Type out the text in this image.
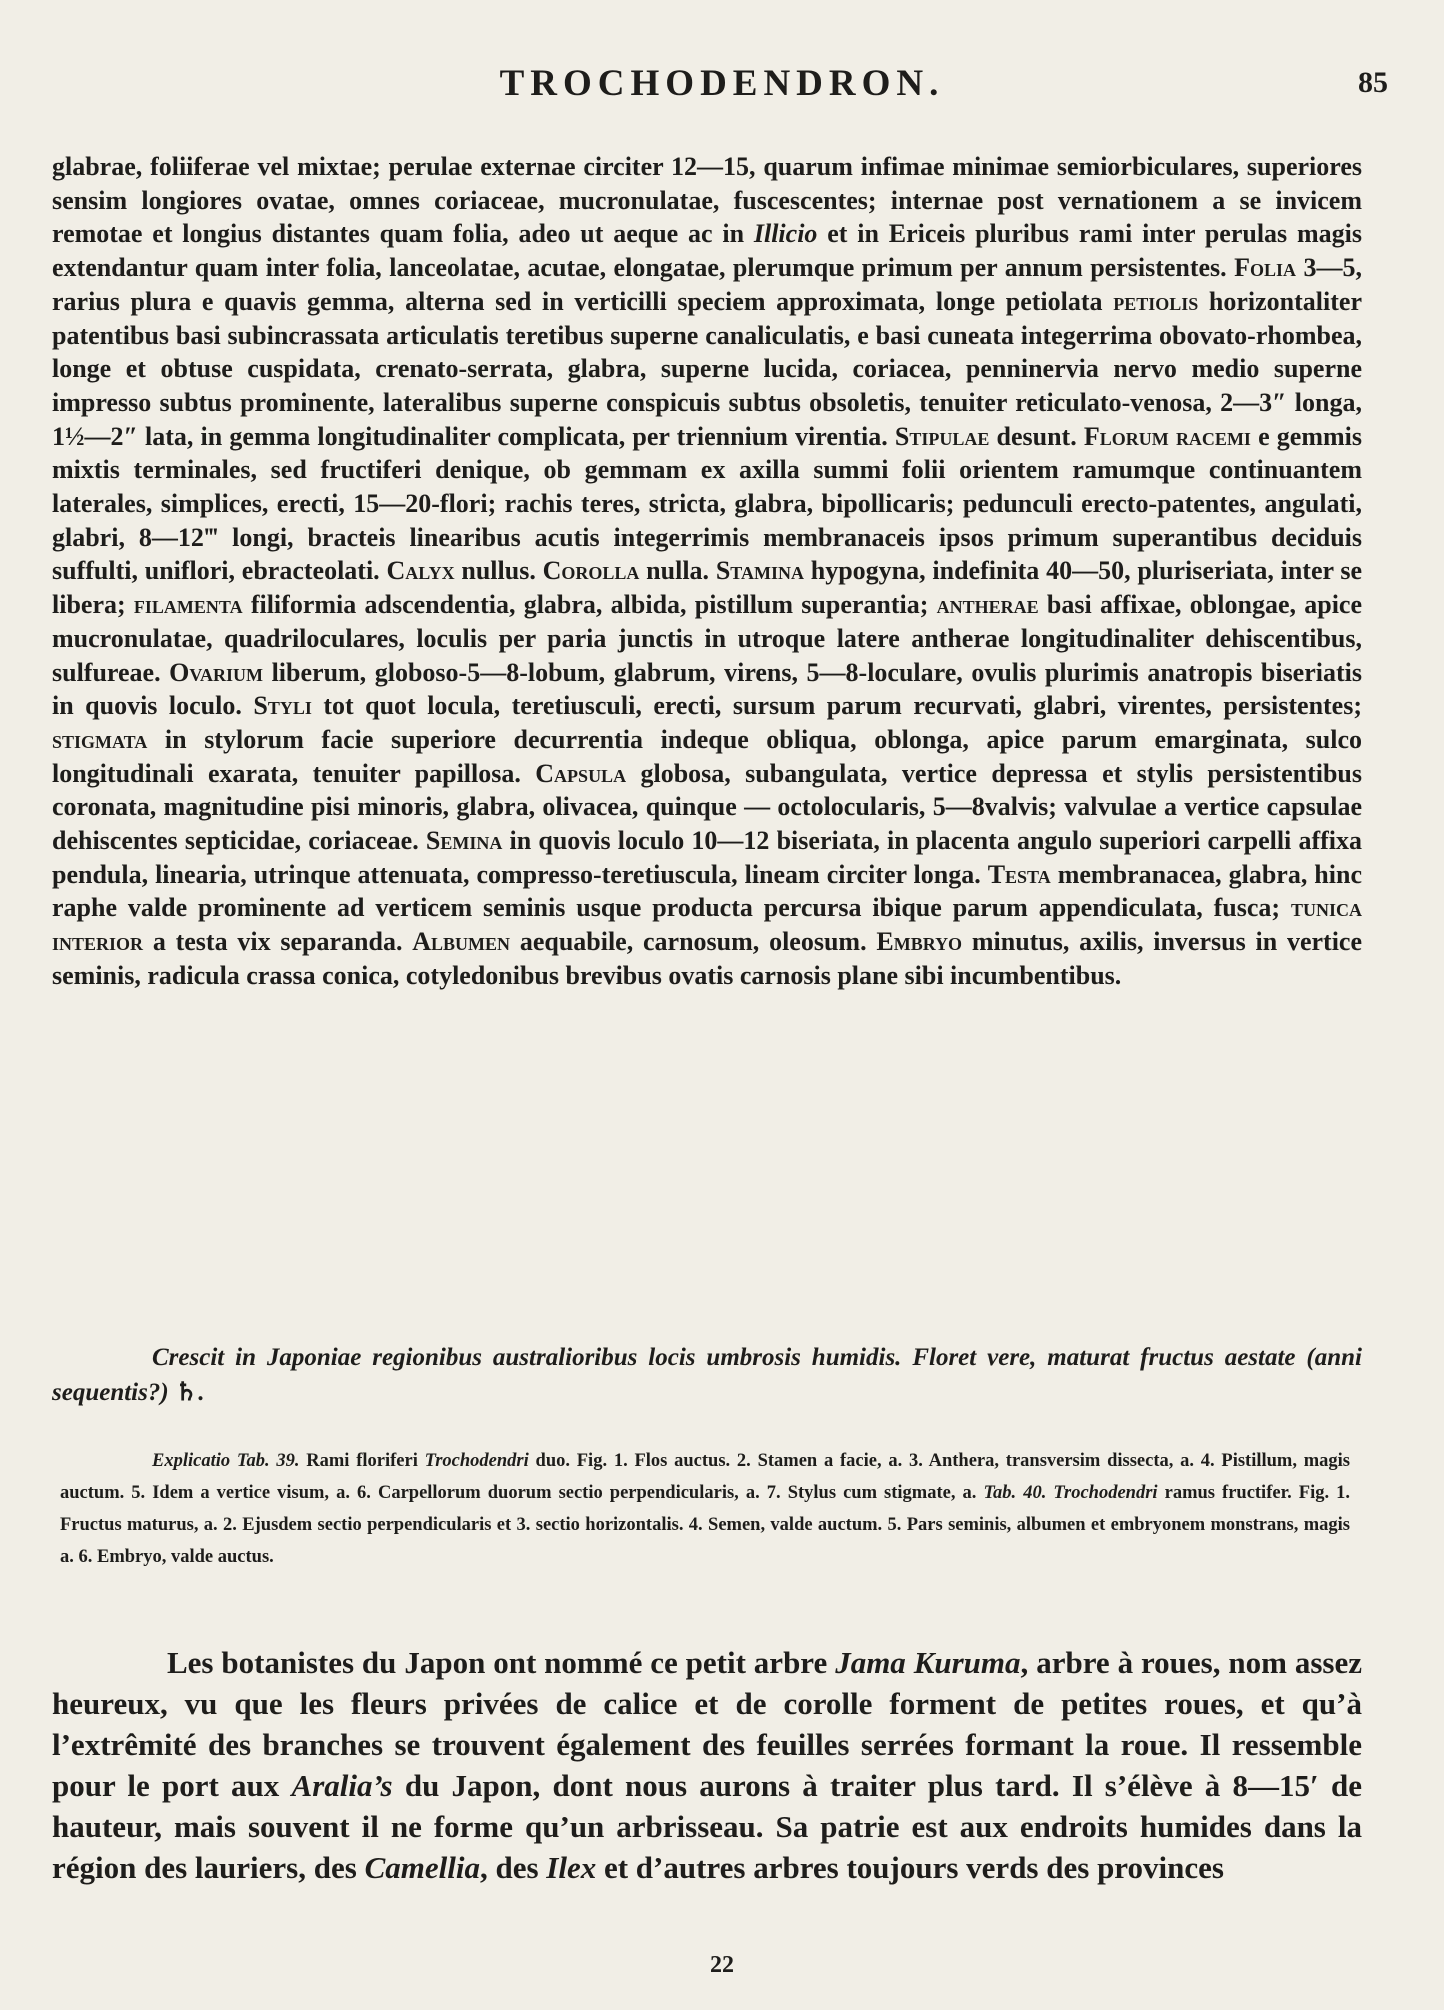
TROCHODENDRON.	85

glabrae, foliiferae vel mixtae; perulae externae circiter 12—15, quarum infimae minimae semiorbiculares, superiores sensim longiores ovatae, omnes coriaceae, mucronulatae, fuscescentes; internae post vernationem a se invicem remotae et longius distantes quam folia, adeo ut aeque ac in Illicio et in Ericeis pluribus rami inter perulas magis extendantur quam inter folia, lanceolatae, acutae, elongatae, plerumque primum per annum persistentes. Folia 3—5, rarius plura e quavis gemma, alterna sed in verticilli speciem approximata, longe petiolata petiolis horizontaliter patentibus basi subincrassata articulatis teretibus superne canaliculatis, e basi cuneata integerrima obovato-rhombea, longe et obtuse cuspidata, crenato-serrata, glabra, superne lucida, coriacea, penninervia nervo medio superne impresso subtus prominente, lateralibus superne conspicuis subtus obsoletis, tenuiter reticulato-venosa, 2—3″ longa, 1½—2″ lata, in gemma longitudinaliter complicata, per triennium virentia. Stipulae desunt. Florum racemi e gemmis mixtis terminales, sed fructiferi denique, ob gemmam ex axilla summi folii orientem ramumque continuantem laterales, simplices, erecti, 15—20-flori; rachis teres, stricta, glabra, bipollicaris; pedunculi erecto-patentes, angulati, glabri, 8—12‴ longi, bracteis linearibus acutis integerrimis membranaceis ipsos primum superantibus deciduis suffulti, uniflori, ebracteolati. Calyx nullus. Corolla nulla. Stamina hypogyna, indefinita 40—50, pluriseriata, inter se libera; filamenta filiformia adscendentia, glabra, albida, pistillum superantia; antherae basi affixae, oblongae, apice mucronulatae, quadriloculares, loculis per paria junctis in utroque latere antherae longitudinaliter dehiscentibus, sulfureae. Ovarium liberum, globoso-5—8-lobum, glabrum, virens, 5—8-loculare, ovulis plurimis anatropis biseriatis in quovis loculo. Styli tot quot locula, teretiusculi, erecti, sursum parum recurvati, glabri, virentes, persistentes; stigmata in stylorum facie superiore decurrentia indeque obliqua, oblonga, apice parum emarginata, sulco longitudinali exarata, tenuiter papillosa. Capsula globosa, subangulata, vertice depressa et stylis persistentibus coronata, magnitudine pisi minoris, glabra, olivacea, quinque — octolocularis, 5—8valvis; valvulae a vertice capsulae dehiscentes septicidae, coriaceae. Semina in quovis loculo 10—12 biseriata, in placenta angulo superiori carpelli affixa pendula, linearia, utrinque attenuata, compresso-teretiuscula, lineam circiter longa. Testa membranacea, glabra, hinc raphe valde prominente ad verticem seminis usque producta percursa ibique parum appendiculata, fusca; tunica interior a testa vix separanda. Albumen aequabile, carnosum, oleosum. Embryo minutus, axilis, inversus in vertice seminis, radicula crassa conica, cotyledonibus brevibus ovatis carnosis plane sibi incumbentibus.

Crescit in Japoniae regionibus australioribus locis umbrosis humidis. Floret vere, maturat fructus aestate (anni sequentis?) ♄.

Explicatio Tab. 39. Rami floriferi Trochodendri duo. Fig. 1. Flos auctus. 2. Stamen a facie, a. 3. Anthera, transversim dissecta, a. 4. Pistillum, magis auctum. 5. Idem a vertice visum, a. 6. Carpellorum duorum sectio perpendicularis, a. 7. Stylus cum stigmate, a. Tab. 40. Trochodendri ramus fructifer. Fig. 1. Fructus maturus, a. 2. Ejusdem sectio perpendicularis et 3. sectio horizontalis. 4. Semen, valde auctum. 5. Pars seminis, albumen et embryonem monstrans, magis a. 6. Embryo, valde auctus.

Les botanistes du Japon ont nommé ce petit arbre Jama Kuruma, arbre à roues, nom assez heureux, vu que les fleurs privées de calice et de corolle forment de petites roues, et qu’à l’extrêmité des branches se trouvent également des feuilles serrées formant la roue. Il ressemble pour le port aux Aralia’s du Japon, dont nous aurons à traiter plus tard. Il s’élève à 8—15′ de hauteur, mais souvent il ne forme qu’un arbrisseau. Sa patrie est aux endroits humides dans la région des lauriers, des Camellia, des Ilex et d’autres arbres toujours verds des provinces

22
